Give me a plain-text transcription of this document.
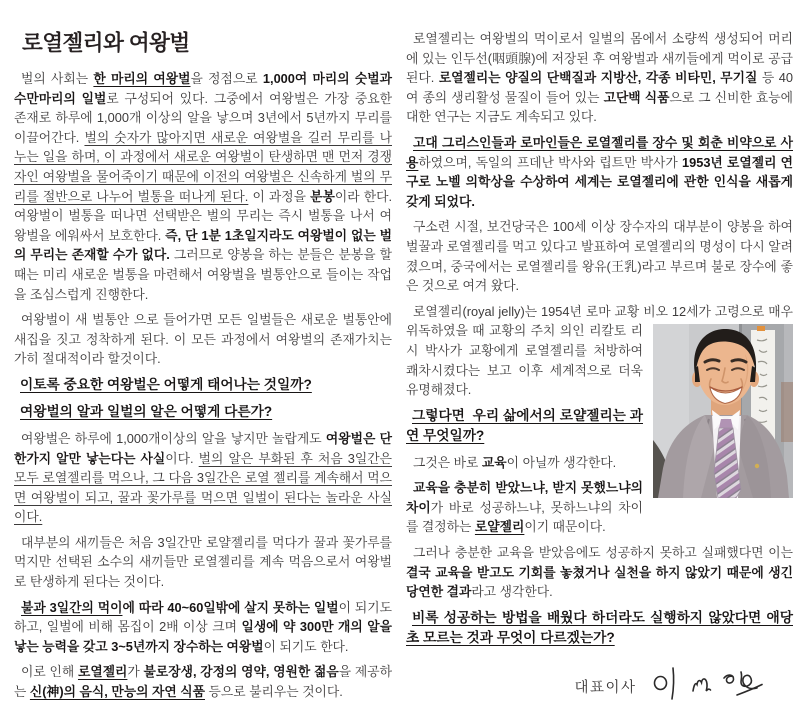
로열젤리와 여왕벌
벌의 사회는 한 마리의 여왕벌을 정점으로 1,000여 마리의 숫벌과 수만마리의 일벌로 구성되어 있다. 그중에서 여왕벌은 가장 중요한 존재로 하루에 1,000개 이상의 알을 낳으며 3년에서 5년까지 무리를 이끌어간다. 벌의 숫자가 많아지면 새로운 여왕벌을 길러 무리를 나누는 일을 하며, 이 과정에서 새로운 여왕벌이 탄생하면 맨 먼저 경쟁자인 여왕벌을 물어죽이기 때문에 이전의 여왕벌은 신속하게 벌의 무리를 절반으로 나누어 벌통을 떠나게 된다. 이 과정을 분봉이라 한다. 여왕벌이 벌통을 떠나면 선택받은 벌의 무리는 즉시 벌통을 나서 여왕벌을 에워싸서 보호한다. 즉, 단 1분 1초일지라도 여왕벌이 없는 벌의 무리는 존재할 수가 없다. 그러므로 양봉을 하는 분들은 분봉을 할때는 미리 새로운 벌통을 마련해서 여왕벌을 벌통안으로 들이는 작업을 조심스럽게 진행한다.
여왕벌이 새 벌통안 으로 들어가면 모든 일벌들은 새로운 벌통안에 새집을 짓고 정착하게 된다. 이 모든 과정에서 여왕벌의 존재가치는 가히 절대적이라 할것이다.
이토록 중요한 여왕벌은 어떻게 태어나는 것일까?
여왕벌의 알과 일벌의 알은 어떻게 다른가?
여왕벌은 하루에 1,000개이상의 알을 낳지만 놀랍게도 여왕벌은 단 한가지 알만 낳는다는 사실이다. 벌의 알은 부화된 후 처음 3일간은 모두 로열젤리를 먹으나, 그 다음 3일간은 로열 젤리를 계속해서 먹으면 여왕벌이 되고, 꿀과 꽃가루를 먹으면 일벌이 된다는 놀라운 사실이다.
대부분의 새끼들은 처음 3일간만 로얄젤리를 먹다가 꿀과 꽃가루를 먹지만 선택된 소수의 새끼들만 로열젤리를 계속 먹음으로서 여왕벌로 탄생하게 된다는 것이다.
불과 3일간의 먹이에 따라 40~60일밖에 살지 못하는 일벌이 되기도 하고, 일벌에 비해 몸집이 2배 이상 크며 일생에 약 300만 개의 알을 낳는 능력을 갖고 3~5년까지 장수하는 여왕벌이 되기도 한다.
이로 인해 로열젤리가 불로장생, 강정의 영약, 영원한 젊음을 제공하는 신(神)의 음식, 만능의 자연 식품 등으로 불리우는 것이다.
로열젤리는 여왕벌의 먹이로서 일벌의 몸에서 소량씩 생성되어 머리에 있는 인두선(咽頭腺)에 저장된 후 여왕벌과 새끼들에게 먹이로 공급된다. 로열젤리는 양질의 단백질과 지방산, 각종 비타민, 무기질 등 40여 종의 생리활성 물질이 들어 있는 고단백 식품으로 그 신비한 효능에 대한 연구는 지금도 계속되고 있다.
고대 그리스인들과 로마인들은 로열젤리를 장수 및 회춘 비약으로 사용하였으며, 독일의 프데난 박사와 립트만 박사가 1953년 로열젤리 연구로 노벨 의학상을 수상하여 세계는 로열젤리에 관한 인식을 새롭게 갖게 되었다.
구소련 시절, 보건당국은 100세 이상 장수자의 대부분이 양봉을 하여 벌꿀과 로열젤리를 먹고 있다고 발표하여 로열젤리의 명성이 다시 알려졌으며, 중국에서는 로열젤리를 왕유(王乳)라고 부르며 불로 장수에 좋은 것으로 여겨 왔다.
로열젤리(royal jelly)는 1954년 로마 교황 비오 12세가 고령으로 매우 위독
하였을 때 교황의 주치 의인 리칼토 리시 박사가 교황에게 로열젤리를 처방하여 쾌차시켰다는 보고 이후 세계적으로 더욱 유명해졌다.
그렇다면  우리 삶에서의 로얄젤리는 과연 무엇일까?
그것은 바로 교육이 아닐까 생각한다.
교육을 충분히 받았느냐, 받지 못했느냐의 차이가 바로 성공하느냐, 못하느냐의 차이를 결정하는 로얄젤리이기 때문이다.
그러나 충분한 교육을 받았음에도 성공하지 못하고 실패했다면 이는 결국 교육을 받고도 기회를 놓쳤거나 실천을 하지 않았기 때문에 생긴 당연한 결과라고 생각한다.
비록 성공하는 방법을 배웠다 하더라도 실행하지 않았다면 애당초 모르는 것과 무엇이 다르겠는가?
대표이사
